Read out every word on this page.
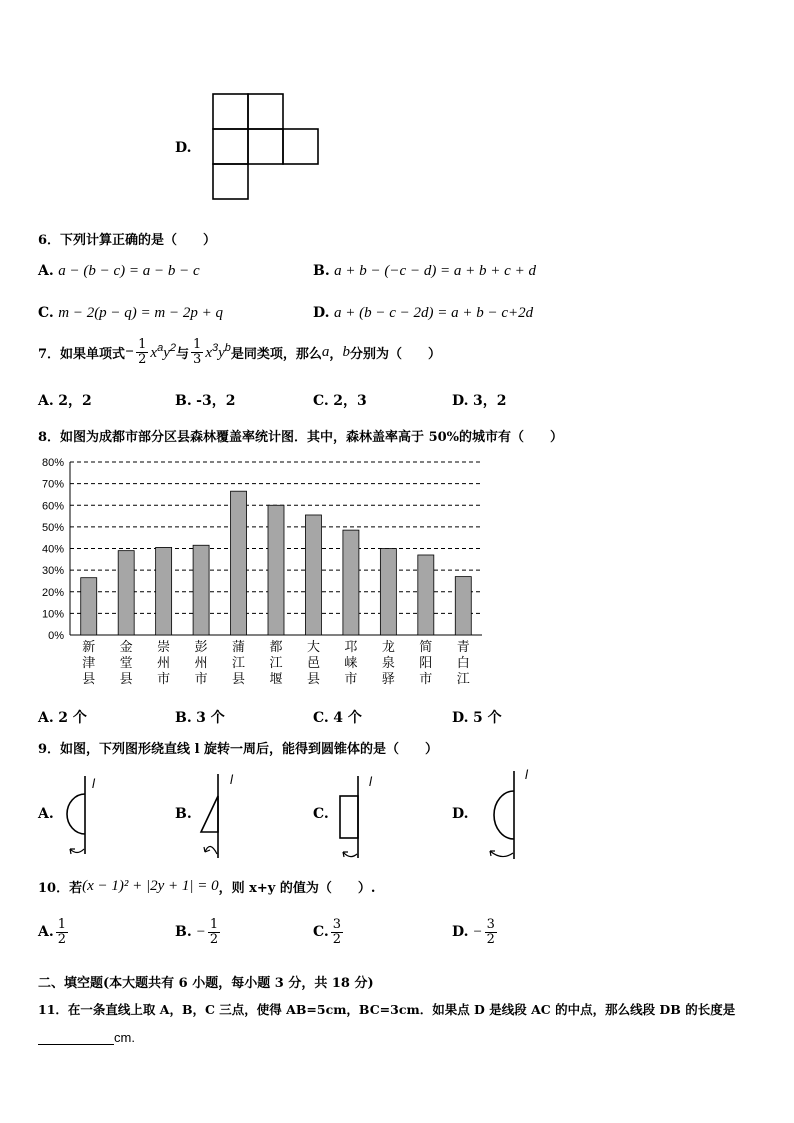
D.
6．下列计算正确的是（　　）
A. a − (b − c) = a − b − c	B. a + b − (−c − d) = a + b + c + d
C. m − 2(p − q) = m − 2p + q	D. a + (b − c − 2d) = a + b − c+2d
7．如果单项式 − $\frac{1}{2} x^ay^2$ 与 $\frac{1}{3} x^3y^b$ 是同类项，那么 a ， b 分别为（　　）
A. 2，2	B. -3，2	C. 2，3	D. 3，2
8．如图为成都市部分区县森林覆盖率统计图．其中，森林盖率高于 50%的城市有（　　）
0%
10%
20%
30%
40%
50%
60%
70%
80%
新
津
县
金
堂
县
崇
州
市
彭
州
市
蒲
江
县
都
江
堰
大
邑
县
邛
崃
市
龙
泉
驿
简
阳
市
青
白
江
A. 2 个	B. 3 个	C. 4 个	D. 5 个
9．如图，下列图形绕直线 l 旋转一周后，能得到圆锥体的是（　　）
A.
l
B.
l
C.
l
D.
l
10．若 (x − 1)² + |2y + 1| = 0 ，则 x+y 的值为（　　）.
A. $\frac{1}{2}$	B. − $\frac{1}{2}$	C. $\frac{3}{2}$	D. − $\frac{3}{2}$
二、填空题(本大题共有 6 小题，每小题 3 分，共 18 分)
11．在一条直线上取 A，B，C 三点，使得 AB=5cm，BC=3cm．如果点 D 是线段 AC 的中点，那么线段 DB 的长度是
cm.
